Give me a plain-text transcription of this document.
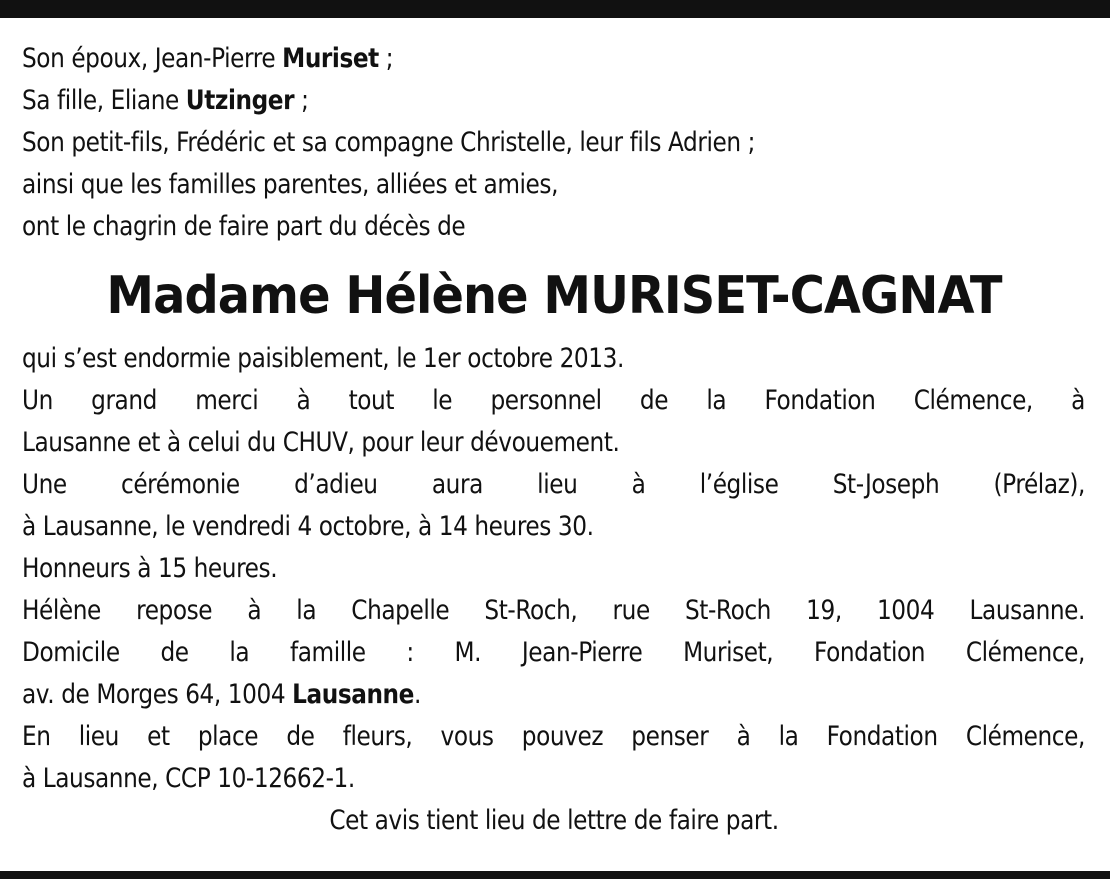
Son époux, Jean-Pierre Muriset ;
Sa fille, Eliane Utzinger ;
Son petit-fils, Frédéric et sa compagne Christelle, leur fils Adrien ;
ainsi que les familles parentes, alliées et amies,
ont le chagrin de faire part du décès de
Madame Hélène MURISET-CAGNAT
qui s’est endormie paisiblement, le 1er octobre 2013.
Un grand merci à tout le personnel de la Fondation Clémence, à
Lausanne et à celui du CHUV, pour leur dévouement.
Une cérémonie d’adieu aura lieu à l’église St-Joseph (Prélaz),
à Lausanne, le vendredi 4 octobre, à 14 heures 30.
Honneurs à 15 heures.
Hélène repose à la Chapelle St-Roch, rue St-Roch 19, 1004 Lausanne.
Domicile de la famille : M. Jean-Pierre Muriset, Fondation Clémence,
av. de Morges 64, 1004 Lausanne.
En lieu et place de fleurs, vous pouvez penser à la Fondation Clémence,
à Lausanne, CCP 10-12662-1.
Cet avis tient lieu de lettre de faire part.
